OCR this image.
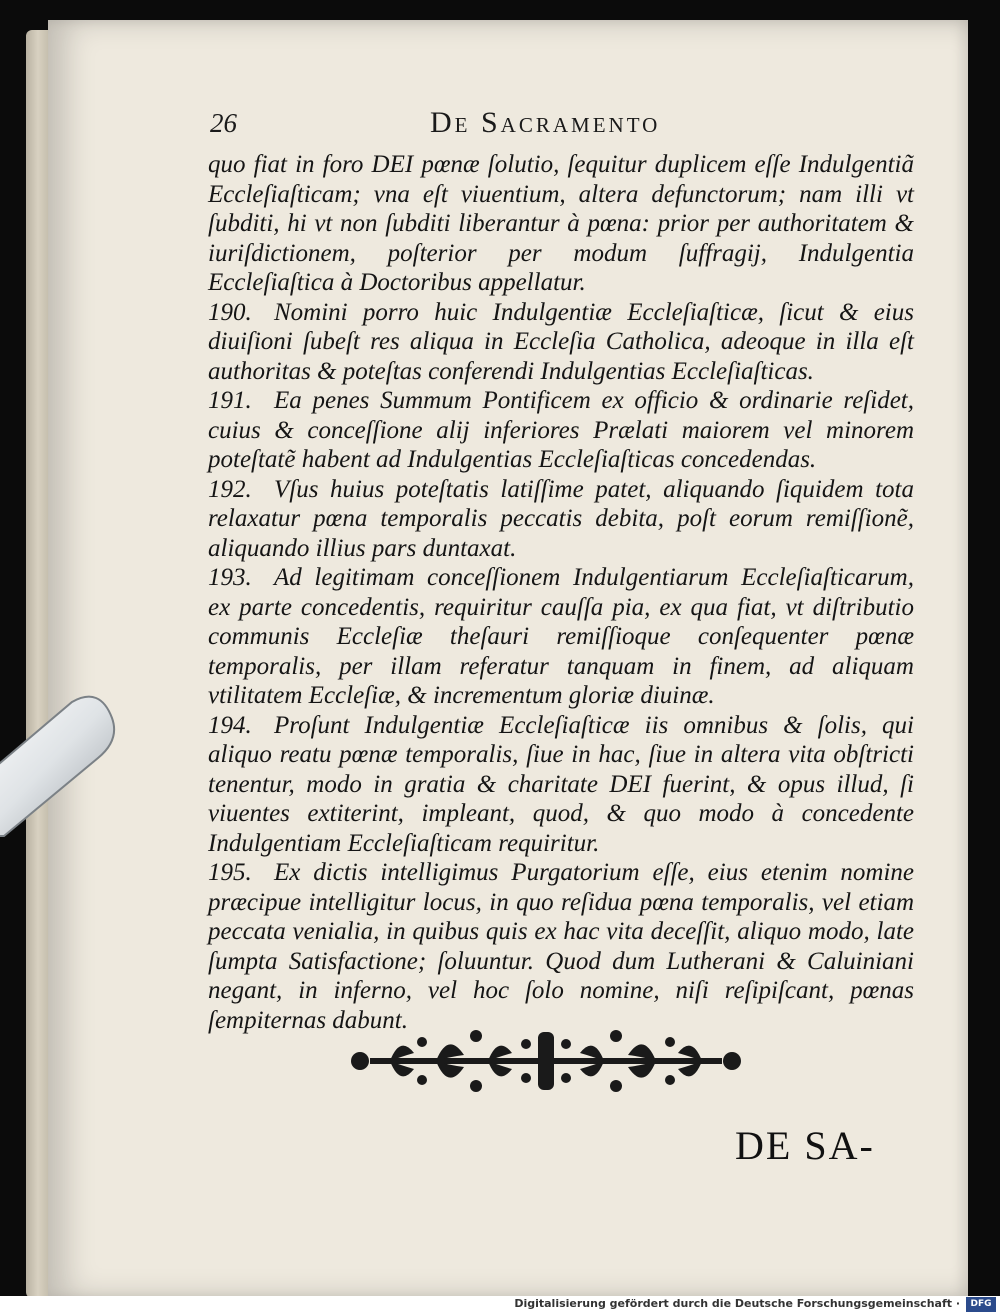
26	De Sacramento

quo fiat in foro DEI pœnæ ſolutio, ſequitur duplicem eſſe Indulgentiã Eccleſiaſticam; vna eſt viuentium, altera defunctorum; nam illi vt ſubditi, hi vt non ſubditi liberantur à pœna: prior per authoritatem & iuriſdictionem, poſterior per modum ſuffragij, Indulgentia Eccleſiaſtica à Doctoribus appellatur.

190. Nomini porro huic Indulgentiæ Eccleſiaſticæ, ſicut & eius diuiſioni ſubeſt res aliqua in Eccleſia Catholica, adeoque in illa eſt authoritas & poteſtas conferendi Indulgentias Eccleſiaſticas.

191. Ea penes Summum Pontificem ex officio & ordinarie reſidet, cuius & conceſſione alij inferiores Prælati maiorem vel minorem poteſtatẽ habent ad Indulgentias Eccleſiaſticas concedendas.

192. Vſus huius poteſtatis latiſſime patet, aliquando ſiquidem tota relaxatur pœna temporalis peccatis debita, poſt eorum remiſſionẽ, aliquando illius pars duntaxat.

193. Ad legitimam conceſſionem Indulgentiarum Eccleſiaſticarum, ex parte concedentis, requiritur cauſſa pia, ex qua fiat, vt diſtributio communis Eccleſiæ theſauri remiſſioque conſequenter pœnæ temporalis, per illam referatur tanquam in finem, ad aliquam vtilitatem Eccleſiæ, & incrementum gloriæ diuinæ.

194. Proſunt Indulgentiæ Eccleſiaſticæ iis omnibus & ſolis, qui aliquo reatu pœnæ temporalis, ſiue in hac, ſiue in altera vita obſtricti tenentur, modo in gratia & charitate DEI fuerint, & opus illud, ſi viuentes extiterint, impleant, quod, & quo modo à concedente Indulgentiam Eccleſiaſticam requiritur.

195. Ex dictis intelligimus Purgatorium eſſe, eius etenim nomine præcipue intelligitur locus, in quo reſidua pœna temporalis, vel etiam peccata venialia, in quibus quis ex hac vita deceſſit, aliquo modo, late ſumpta Satisfactione; ſoluuntur. Quod dum Lutherani & Caluiniani negant, in inferno, vel hoc ſolo nomine, niſi reſipiſcant, pœnas ſempiternas dabunt.

DE SA-
Digitalisierung gefördert durch die Deutsche Forschungsgemeinschaft ·	DFG
